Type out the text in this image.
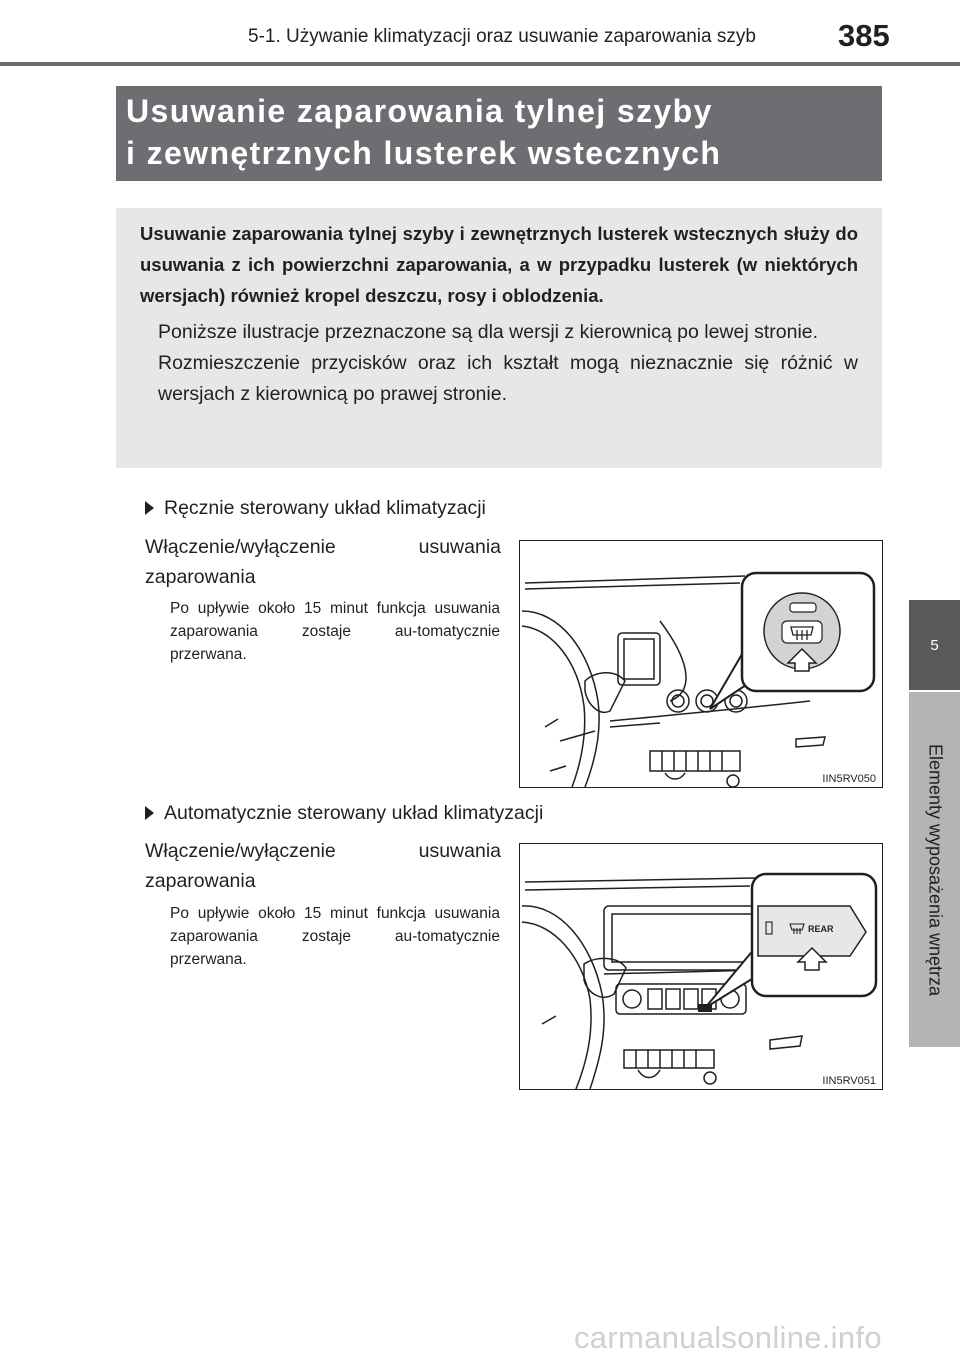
5-1. Używanie klimatyzacji oraz usuwanie zaparowania szyb	385
5
Elementy wyposażenia wnętrza
Usuwanie zaparowania tylnej szyby
i zewnętrznych lusterek wstecznych
Usuwanie zaparowania tylnej szyby i zewnętrznych lusterek wstecznych służy do usuwania z ich powierzchni zaparowania, a w przypadku lusterek (w niektórych wersjach) również kropel deszczu, rosy i oblodzenia.
Poniższe ilustracje przeznaczone są dla wersji z kierownicą po lewej stronie.
Rozmieszczenie przycisków oraz ich kształt mogą nieznacznie się różnić w wersjach z kierownicą po prawej stronie.
Ręcznie sterowany układ klimatyzacji
Włączenie/wyłączenie	usuwania
zaparowania
Po upływie około 15 minut funkcja usuwania zaparowania zostaje au-tomatycznie przerwana.
IIN5RV050
Automatycznie sterowany układ klimatyzacji
Włączenie/wyłączenie	usuwania
zaparowania
Po upływie około 15 minut funkcja usuwania zaparowania zostaje au-tomatycznie przerwana.
REAR
IIN5RV051
carmanualsonline.info
